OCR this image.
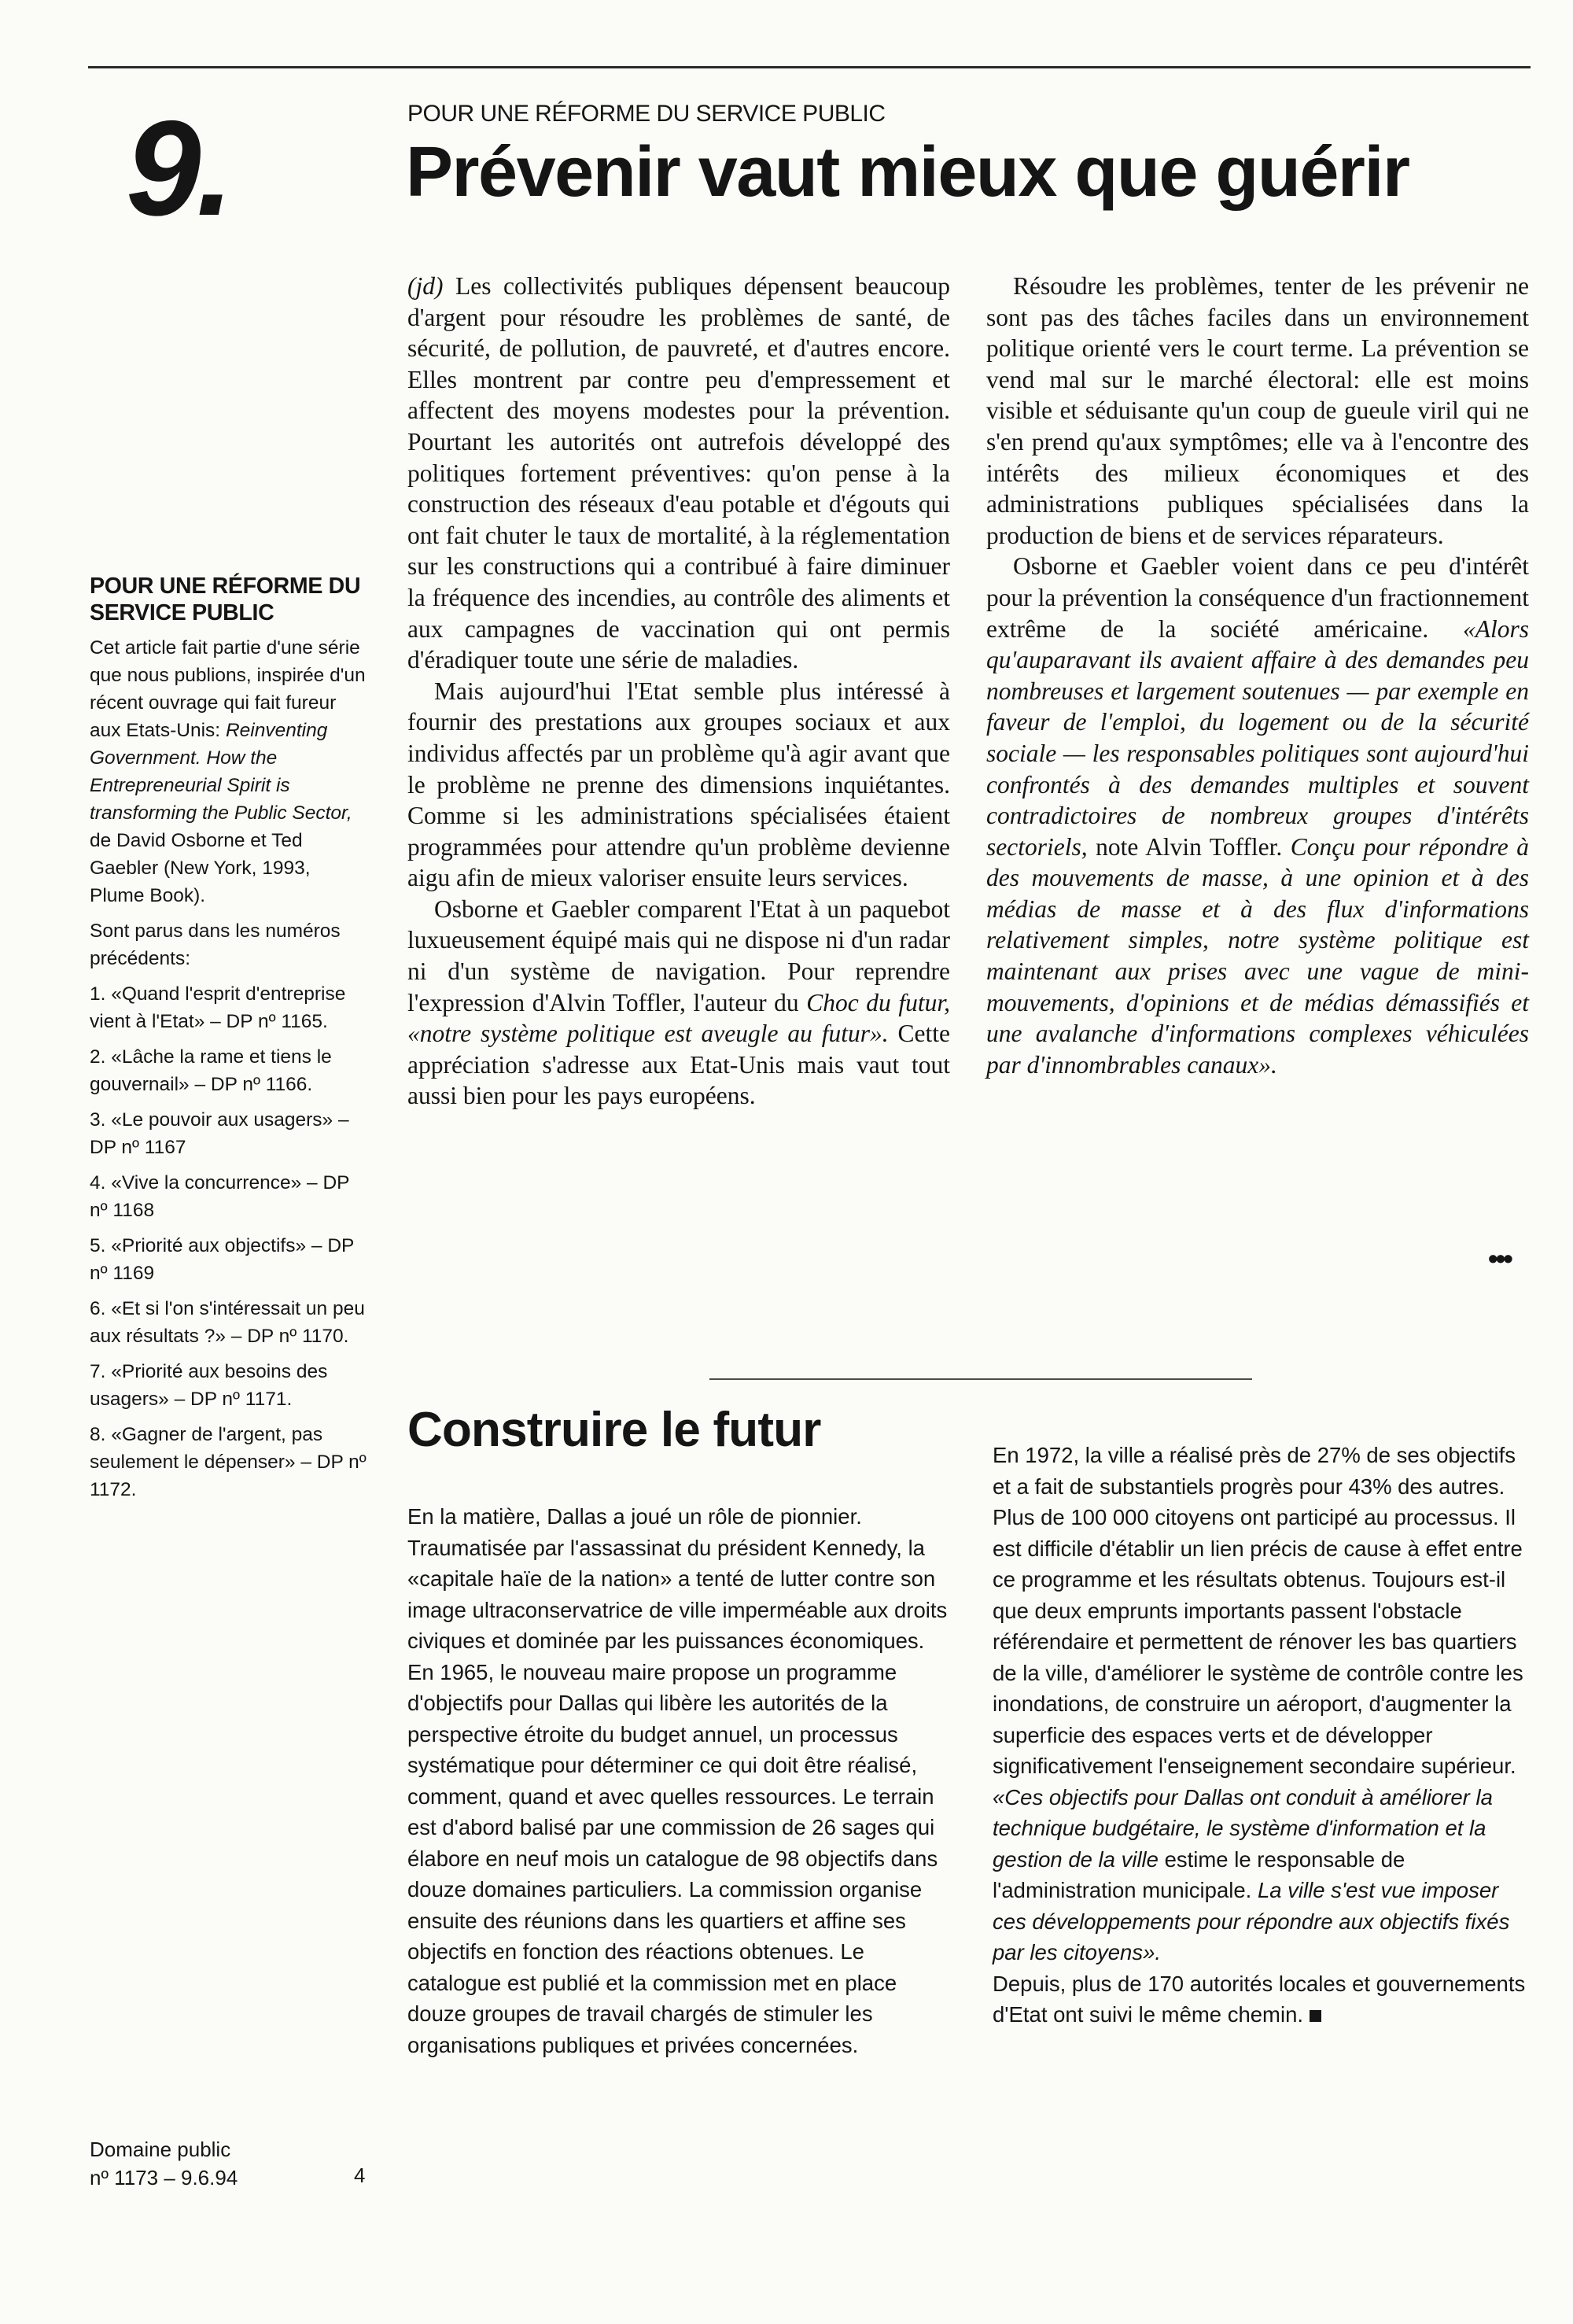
9.	POUR UNE RÉFORME DU SERVICE PUBLIC
Prévenir vaut mieux que guérir

(jd) Les collectivités publiques dépensent beaucoup d'argent pour résoudre les problèmes de santé, de sécurité, de pollution, de pauvreté, et d'autres encore. Elles montrent par contre peu d'empressement et affectent des moyens modestes pour la prévention. Pourtant les autorités ont autrefois développé des politiques fortement préventives: qu'on pense à la construction des réseaux d'eau potable et d'égouts qui ont fait chuter le taux de mortalité, à la réglementation sur les constructions qui a contribué à faire diminuer la fréquence des incendies, au contrôle des aliments et aux campagnes de vaccination qui ont permis d'éradiquer toute une série de maladies.

Mais aujourd'hui l'Etat semble plus intéressé à fournir des prestations aux groupes sociaux et aux individus affectés par un problème qu'à agir avant que le problème ne prenne des dimensions inquiétantes. Comme si les administrations spécialisées étaient programmées pour attendre qu'un problème devienne aigu afin de mieux valoriser ensuite leurs services.

Osborne et Gaebler comparent l'Etat à un paquebot luxueusement équipé mais qui ne dispose ni d'un radar ni d'un système de navigation. Pour reprendre l'expression d'Alvin Toffler, l'auteur du Choc du futur, «notre système politique est aveugle au futur». Cette appréciation s'adresse aux Etat-Unis mais vaut tout aussi bien pour les pays européens.

Résoudre les problèmes, tenter de les prévenir ne sont pas des tâches faciles dans un environnement politique orienté vers le court terme. La prévention se vend mal sur le marché électoral: elle est moins visible et séduisante qu'un coup de gueule viril qui ne s'en prend qu'aux symptômes; elle va à l'encontre des intérêts des milieux économiques et des administrations publiques spécialisées dans la production de biens et de services réparateurs.

Osborne et Gaebler voient dans ce peu d'intérêt pour la prévention la conséquence d'un fractionnement extrême de la société américaine. «Alors qu'auparavant ils avaient affaire à des demandes peu nombreuses et largement soutenues — par exemple en faveur de l'emploi, du logement ou de la sécurité sociale — les responsables politiques sont aujourd'hui confrontés à des demandes multiples et souvent contradictoires de nombreux groupes d'intérêts sectoriels, note Alvin Toffler. Conçu pour répondre à des mouvements de masse, à une opinion et à des médias de masse et à des flux d'informations relativement simples, notre système politique est maintenant aux prises avec une vague de mini-mouvements, d'opinions et de médias démassifiés et une avalanche d'informations complexes véhiculées par d'innombrables canaux».

•••
POUR UNE RÉFORME DU SERVICE PUBLIC

Cet article fait partie d'une série que nous publions, inspirée d'un récent ouvrage qui fait fureur aux Etats-Unis: Reinventing Government. How the Entrepreneurial Spirit is transforming the Public Sector, de David Osborne et Ted Gaebler (New York, 1993, Plume Book).

Sont parus dans les numéros précédents:

1. «Quand l'esprit d'entreprise vient à l'Etat» – DP nº 1165.
2. «Lâche la rame et tiens le gouvernail» – DP nº 1166.
3. «Le pouvoir aux usagers» – DP nº 1167
4. «Vive la concurrence» – DP nº 1168
5. «Priorité aux objectifs» – DP nº 1169
6. «Et si l'on s'intéressait un peu aux résultats ?» – DP nº 1170.
7. «Priorité aux besoins des usagers» – DP nº 1171.
8. «Gagner de l'argent, pas seulement le dépenser» – DP nº 1172.
Construire le futur

En la matière, Dallas a joué un rôle de pionnier. Traumatisée par l'assassinat du président Kennedy, la «capitale haïe de la nation» a tenté de lutter contre son image ultraconservatrice de ville imperméable aux droits civiques et dominée par les puissances économiques.

En 1965, le nouveau maire propose un programme d'objectifs pour Dallas qui libère les autorités de la perspective étroite du budget annuel, un processus systématique pour déterminer ce qui doit être réalisé, comment, quand et avec quelles ressources. Le terrain est d'abord balisé par une commission de 26 sages qui élabore en neuf mois un catalogue de 98 objectifs dans douze domaines particuliers. La commission organise ensuite des réunions dans les quartiers et affine ses objectifs en fonction des réactions obtenues. Le catalogue est publié et la commission met en place douze groupes de travail chargés de stimuler les organisations publiques et privées concernées.

En 1972, la ville a réalisé près de 27% de ses objectifs et a fait de substantiels progrès pour 43% des autres. Plus de 100 000 citoyens ont participé au processus. Il est difficile d'établir un lien précis de cause à effet entre ce programme et les résultats obtenus. Toujours est-il que deux emprunts importants passent l'obstacle référendaire et permettent de rénover les bas quartiers de la ville, d'améliorer le système de contrôle contre les inondations, de construire un aéroport, d'augmenter la superficie des espaces verts et de développer significativement l'enseignement secondaire supérieur. «Ces objectifs pour Dallas ont conduit à améliorer la technique budgétaire, le système d'information et la gestion de la ville estime le responsable de l'administration municipale. La ville s'est vue imposer ces développements pour répondre aux objectifs fixés par les citoyens».

Depuis, plus de 170 autorités locales et gouvernements d'Etat ont suivi le même chemin.

Domaine public
nº 1173 – 9.6.94	4
